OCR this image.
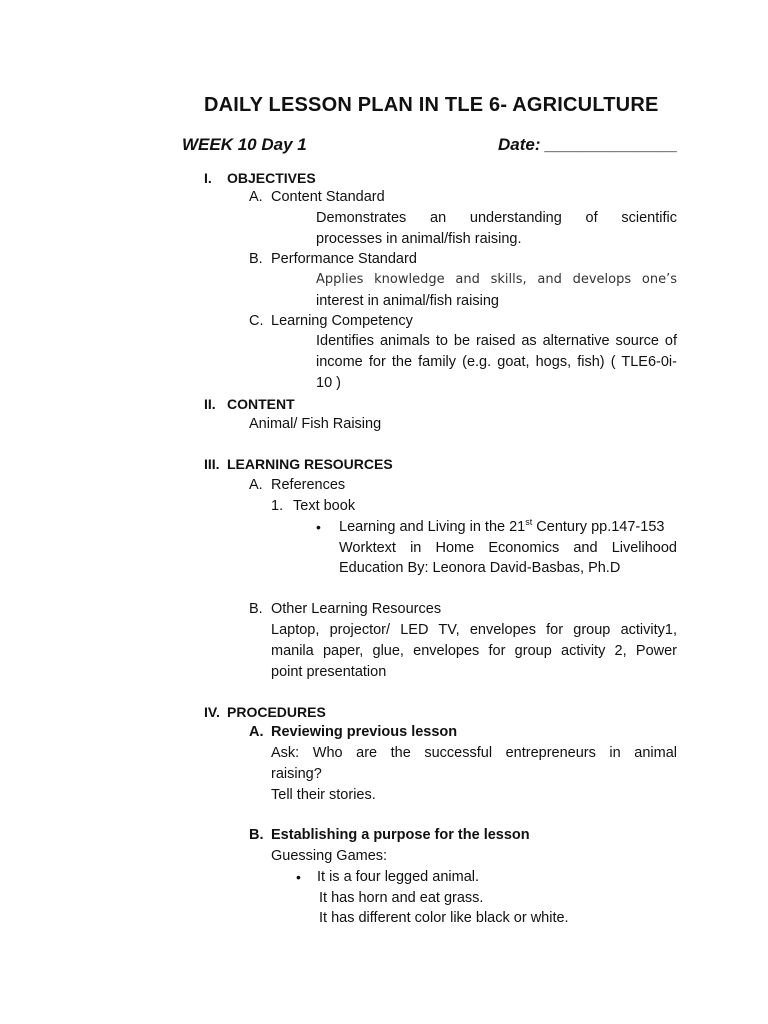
DAILY LESSON PLAN IN TLE 6- AGRICULTURE
WEEK 10 Day 1	Date: ______________
I. OBJECTIVES
A. Content Standard
Demonstrates an understanding of scientific
processes in animal/fish raising.
B. Performance Standard
Applies knowledge and skills, and develops one’s
interest in animal/fish raising
C. Learning Competency
Identifies animals to be raised as alternative source of
income for the family (e.g. goat, hogs, fish) ( TLE6-0i-
10 )
II. CONTENT
Animal/ Fish Raising
III. LEARNING RESOURCES
A. References
1. Text book
• Learning and Living in the 21st Century pp.147-153
Worktext in Home Economics and Livelihood
Education By: Leonora David-Basbas, Ph.D
B. Other Learning Resources
Laptop, projector/ LED TV, envelopes for group activity1,
manila paper, glue, envelopes for group activity 2, Power
point presentation
IV. PROCEDURES
A. Reviewing previous lesson
Ask: Who are the successful entrepreneurs in animal
raising?
Tell their stories.
B. Establishing a purpose for the lesson
Guessing Games:
• It is a four legged animal.
It has horn and eat grass.
It has different color like black or white.
